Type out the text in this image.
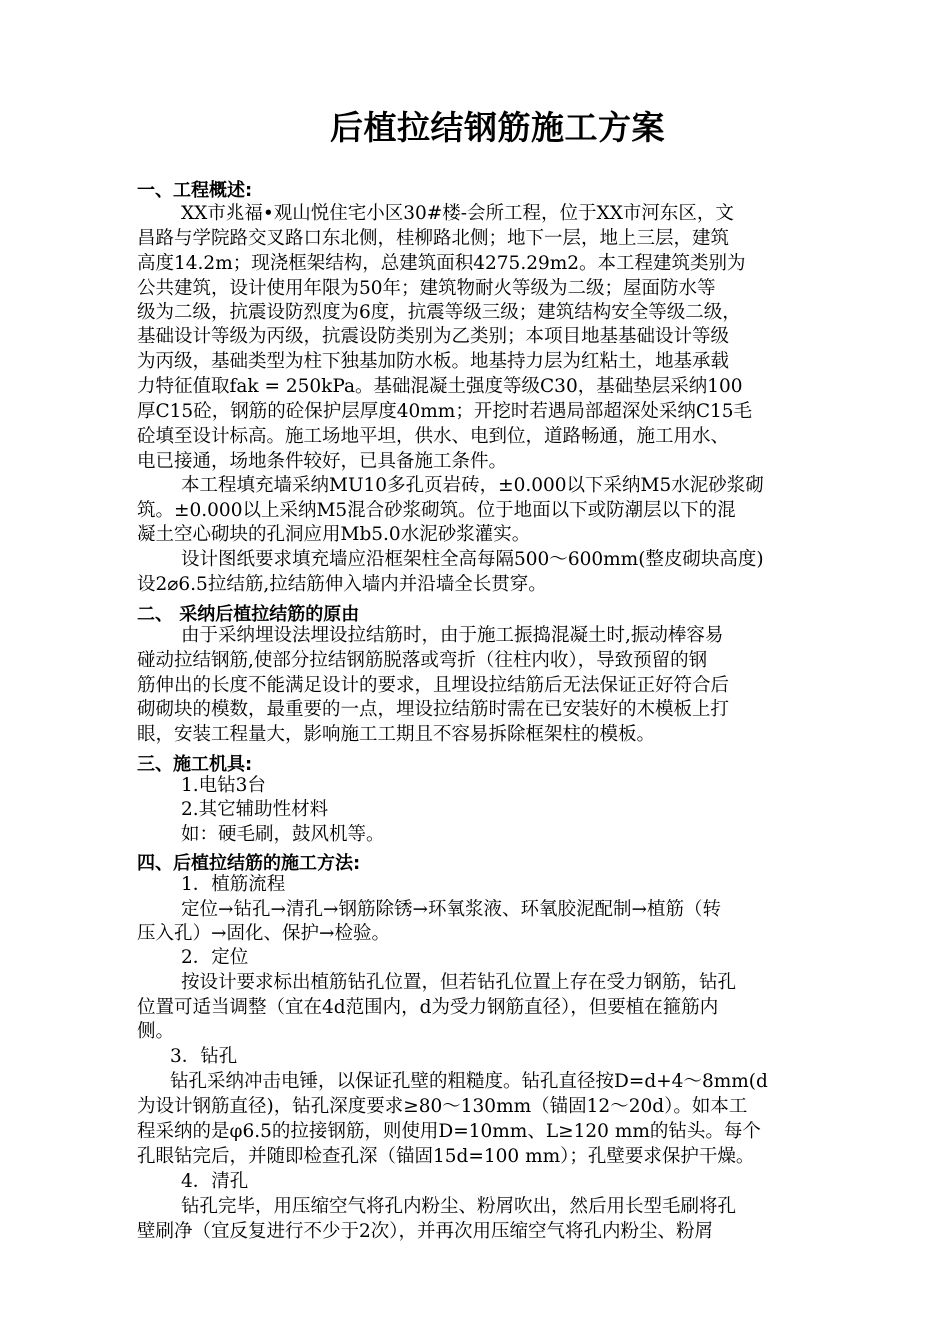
后植拉结钢筋施工方案
一、工程概述:
XX市兆福•观山悦住宅小区30#楼-会所工程，位于XX市河东区，文
昌路与学院路交叉路口东北侧，桂柳路北侧；地下一层，地上三层，建筑
高度14.2m；现浇框架结构，总建筑面积4275.29m2。本工程建筑类别为
公共建筑，设计使用年限为50年；建筑物耐火等级为二级；屋面防水等
级为二级，抗震设防烈度为6度，抗震等级三级；建筑结构安全等级二级，
基础设计等级为丙级，抗震设防类别为乙类别；本项目地基基础设计等级
为丙级，基础类型为柱下独基加防水板。地基持力层为红粘土，地基承载
力特征值取fak = 250kPa。基础混凝土强度等级C30，基础垫层采纳100
厚C15砼，钢筋的砼保护层厚度40mm；开挖时若遇局部超深处采纳C15毛
砼填至设计标高。施工场地平坦，供水、电到位，道路畅通，施工用水、
电已接通，场地条件较好，已具备施工条件。
本工程填充墙采纳MU10多孔页岩砖，±0.000以下采纳M5水泥砂浆砌
筑。±0.000以上采纳M5混合砂浆砌筑。位于地面以下或防潮层以下的混
凝土空心砌块的孔洞应用Mb5.0水泥砂浆灌实。
设计图纸要求填充墙应沿框架柱全高每隔500～600mm(整皮砌块高度)
设2⌀6.5拉结筋,拉结筋伸入墙内并沿墙全长贯穿。
二、 采纳后植拉结筋的原由
由于采纳埋设法埋设拉结筋时，由于施工振捣混凝土时,振动棒容易
碰动拉结钢筋,使部分拉结钢筋脱落或弯折（往柱内收），导致预留的钢
筋伸出的长度不能满足设计的要求，且埋设拉结筋后无法保证正好符合后
砌砌块的模数，最重要的一点，埋设拉结筋时需在已安装好的木模板上打
眼，安装工程量大，影响施工工期且不容易拆除框架柱的模板。
三、施工机具:
1.电钻3台
2.其它辅助性材料
如：硬毛刷，鼓风机等。
四、后植拉结筋的施工方法:
1．植筋流程
定位→钻孔→清孔→钢筋除锈→环氧浆液、环氧胶泥配制→植筋（转
压入孔）→固化、保护→检验。
2．定位
按设计要求标出植筋钻孔位置，但若钻孔位置上存在受力钢筋，钻孔
位置可适当调整（宜在4d范围内，d为受力钢筋直径），但要植在箍筋内
侧。
3．钻孔
钻孔采纳冲击电锤，以保证孔壁的粗糙度。钻孔直径按D=d+4～8mm(d
为设计钢筋直径)，钻孔深度要求≥80～130mm（锚固12～20d）。如本工
程采纳的是φ6.5的拉接钢筋，则使用D=10mm、L≥120 mm的钻头。每个
孔眼钻完后，并随即检查孔深（锚固15d=100 mm）；孔壁要求保护干燥。
4．清孔
钻孔完毕，用压缩空气将孔内粉尘、粉屑吹出，然后用长型毛刷将孔
壁刷净（宜反复进行不少于2次），并再次用压缩空气将孔内粉尘、粉屑
